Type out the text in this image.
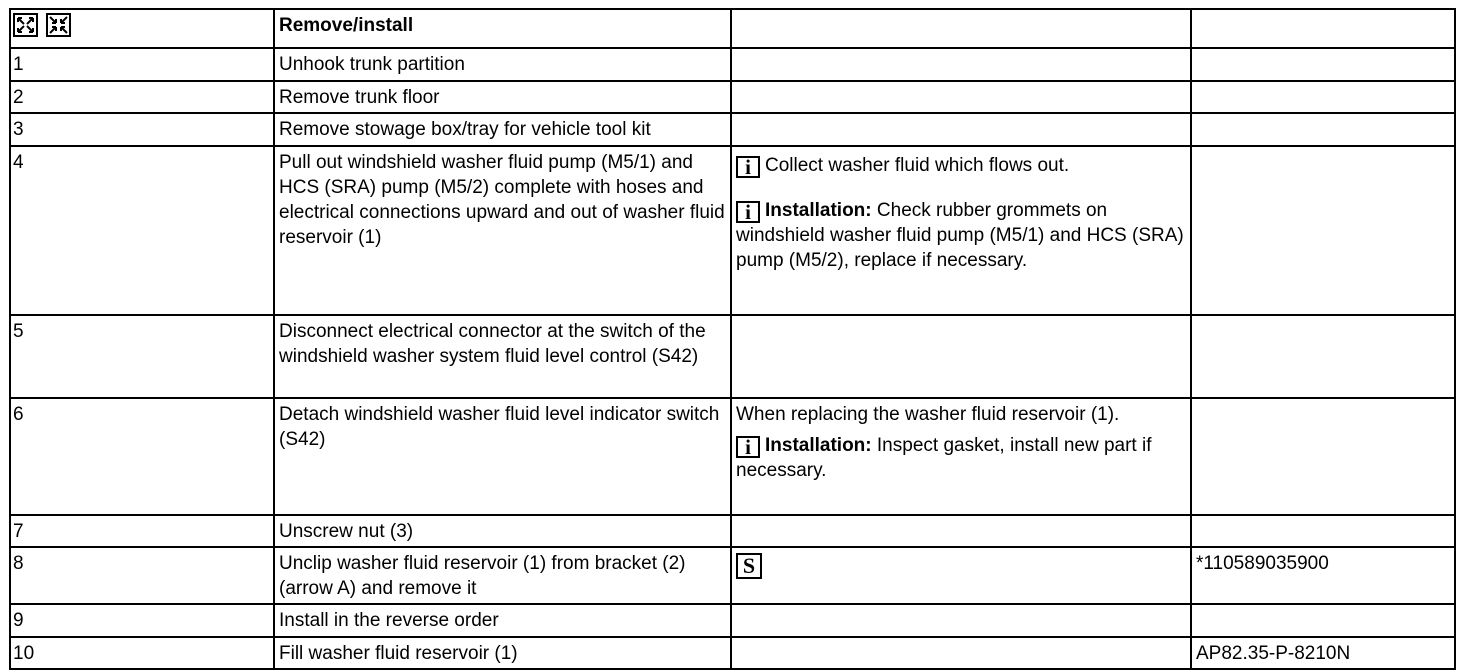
	Remove/install		
1	Unhook trunk partition		
2	Remove trunk floor		
3	Remove stowage box/tray for vehicle tool kit		
4	Pull out windshield washer fluid pump (M5/1) and HCS (SRA) pump (M5/2) complete with hoses and electrical connections upward and out of washer fluid reservoir (1)	i Collect washer fluid which flows out.
i Installation: Check rubber grommets on windshield washer fluid pump (M5/1) and HCS (SRA) pump (M5/2), replace if necessary.	

5	Disconnect electrical connector at the switch of the windshield washer system fluid level control (S42)		
6	Detach windshield washer fluid level indicator switch (S42)	When replacing the washer fluid reservoir (1).
i Installation: Inspect gasket, install new part if necessary.	

7	Unscrew nut (3)		
8	Unclip washer fluid reservoir (1) from bracket (2) (arrow A) and remove it	S	*110589035900
9	Install in the reverse order		
10	Fill washer fluid reservoir (1)		AP82.35-P-8210N
